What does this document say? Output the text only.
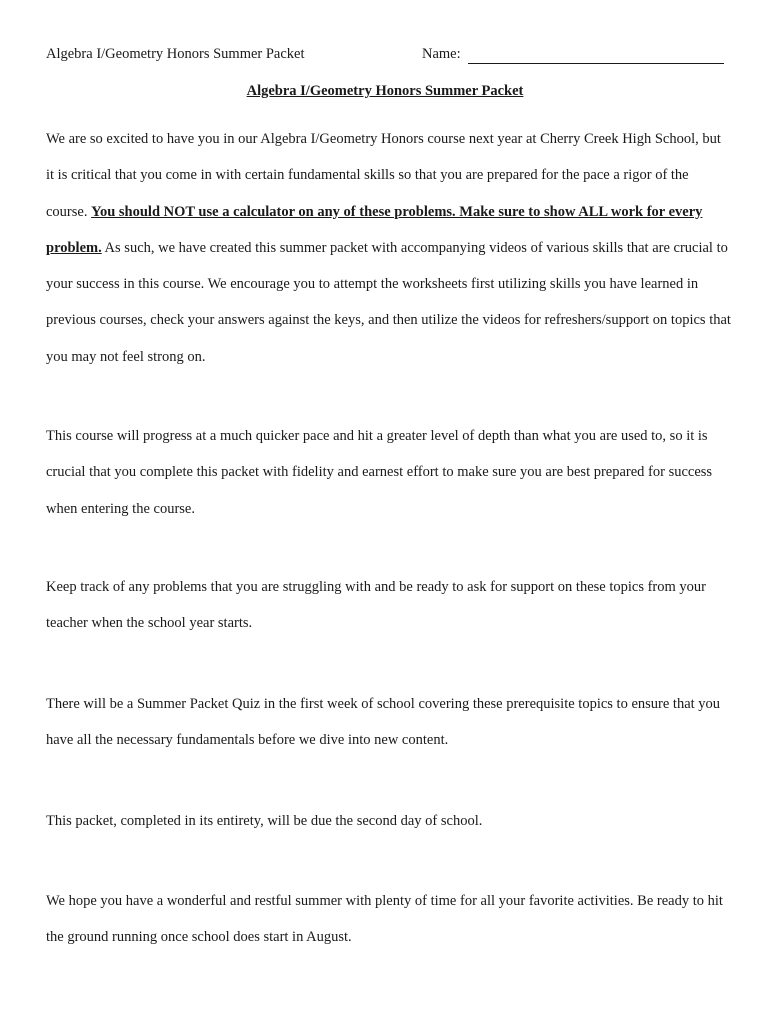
Algebra I/Geometry Honors Summer Packet	Name:
Algebra I/Geometry Honors Summer Packet

We are so excited to have you in our Algebra I/Geometry Honors course next year at Cherry Creek High School, but it is critical that you come in with certain fundamental skills so that you are prepared for the pace a rigor of the course. You should NOT use a calculator on any of these problems. Make sure to show ALL work for every problem. As such, we have created this summer packet with accompanying videos of various skills that are crucial to your success in this course. We encourage you to attempt the worksheets first utilizing skills you have learned in previous courses, check your answers against the keys, and then utilize the videos for refreshers/support on topics that you may not feel strong on.

This course will progress at a much quicker pace and hit a greater level of depth than what you are used to, so it is crucial that you complete this packet with fidelity and earnest effort to make sure you are best prepared for success when entering the course.

Keep track of any problems that you are struggling with and be ready to ask for support on these topics from your teacher when the school year starts.

There will be a Summer Packet Quiz in the first week of school covering these prerequisite topics to ensure that you have all the necessary fundamentals before we dive into new content.

This packet, completed in its entirety, will be due the second day of school.

We hope you have a wonderful and restful summer with plenty of time for all your favorite activities. Be ready to hit the ground running once school does start in August.
